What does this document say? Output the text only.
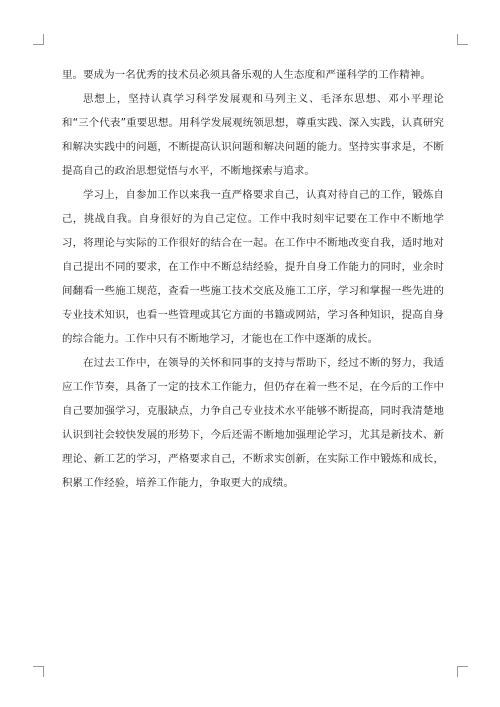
里。要成为一名优秀的技术员必须具备乐观的人生态度和严谨科学的工作精神。

思想上，坚持认真学习科学发展观和马列主义、毛泽东思想、邓小平理论和“三个代表”重要思想。用科学发展观统领思想，尊重实践、深入实践，认真研究和解决实践中的问题，不断提高认识问题和解决问题的能力。坚持实事求是，不断提高自己的政治思想觉悟与水平，不断地探索与追求。

学习上，自参加工作以来我一直严格要求自己，认真对待自己的工作，锻炼自己，挑战自我。自身很好的为自己定位。工作中我时刻牢记要在工作中不断地学习，将理论与实际的工作很好的结合在一起。在工作中不断地改变自我，适时地对自己提出不同的要求，在工作中不断总结经验，提升自身工作能力的同时，业余时间翻看一些施工规范，查看一些施工技术交底及施工工序，学习和掌握一些先进的专业技术知识，也看一些管理或其它方面的书籍或网站，学习各种知识，提高自身的综合能力。工作中只有不断地学习，才能也在工作中逐渐的成长。

在过去工作中，在领导的关怀和同事的支持与帮助下，经过不断的努力，我适应工作节奏，具备了一定的技术工作能力，但仍存在着一些不足，在今后的工作中自己要加强学习，克服缺点，力争自己专业技术水平能够不断提高，同时我清楚地认识到社会较快发展的形势下，今后还需不断地加强理论学习，尤其是新技术、新理论、新工艺的学习，严格要求自己，不断求实创新，在实际工作中锻炼和成长，积累工作经验，培养工作能力，争取更大的成绩。
